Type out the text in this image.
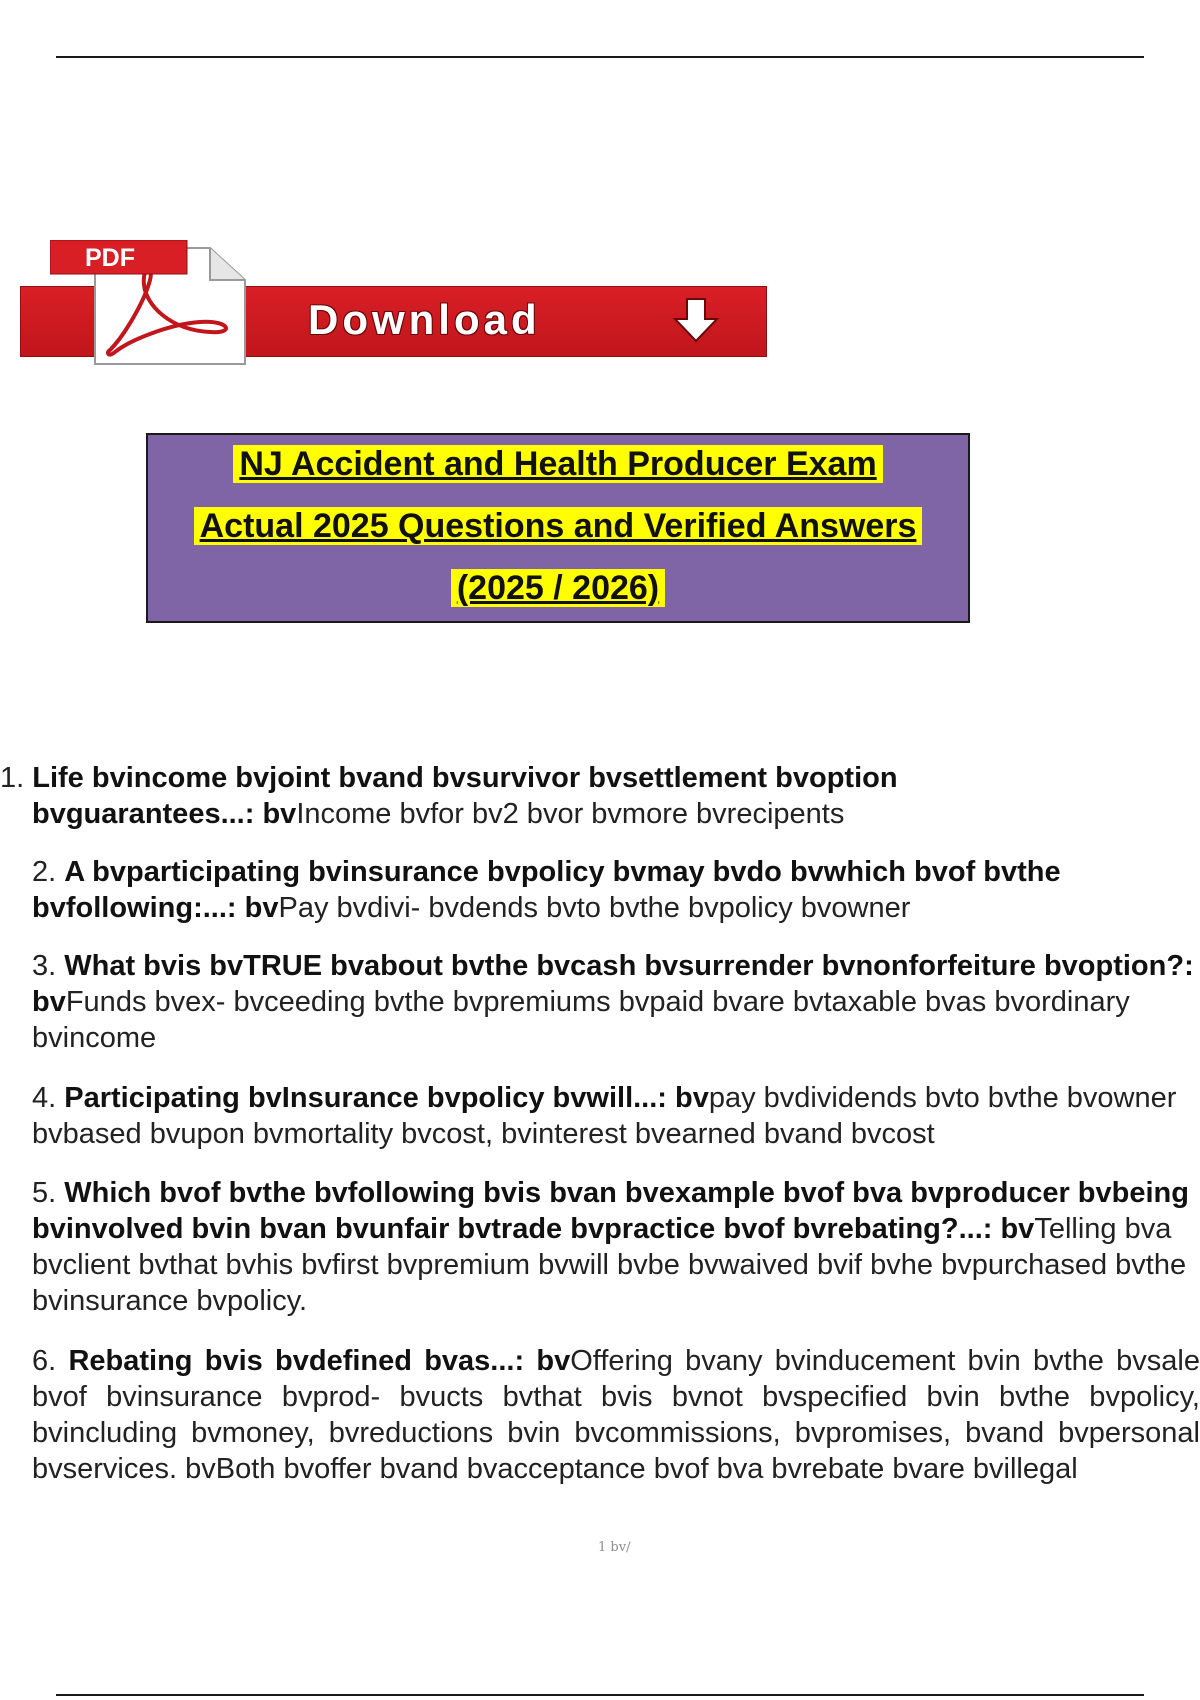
Download
PDF
NJ Accident and Health Producer Exam
Actual 2025 Questions and Verified Answers
(2025 / 2026)
1. Life bvincome bvjoint bvand bvsurvivor bvsettlement bvoption
bvguarantees...: bvIncome bvfor bv2 bvor bvmore bvrecipents
2. A bvparticipating bvinsurance bvpolicy bvmay bvdo bvwhich bvof bvthe bvfollowing:...: bvPay bvdivi- bvdends bvto bvthe bvpolicy bvowner
3. What bvis bvTRUE bvabout bvthe bvcash bvsurrender bvnonforfeiture bvoption?: bvFunds bvex- bvceeding bvthe bvpremiums bvpaid bvare bvtaxable bvas bvordinary bvincome
4. Participating bvInsurance bvpolicy bvwill...: bvpay bvdividends bvto bvthe bvowner bvbased bvupon bvmortality bvcost, bvinterest bvearned bvand bvcost
5. Which bvof bvthe bvfollowing bvis bvan bvexample bvof bva bvproducer bvbeing bvinvolved bvin bvan bvunfair bvtrade bvpractice bvof bvrebating?...: bvTelling bva bvclient bvthat bvhis bvfirst bvpremium bvwill bvbe bvwaived bvif bvhe bvpurchased bvthe bvinsurance bvpolicy.
6. Rebating bvis bvdefined bvas...: bvOffering bvany bvinducement bvin bvthe bvsale bvof bvinsurance bvprod- bvucts bvthat bvis bvnot bvspecified bvin bvthe bvpolicy, bvincluding bvmoney, bvreductions bvin bvcommissions, bvpromises, bvand bvpersonal bvservices. bvBoth bvoffer bvand bvacceptance bvof bva bvrebate bvare bvillegal
1 bv/
